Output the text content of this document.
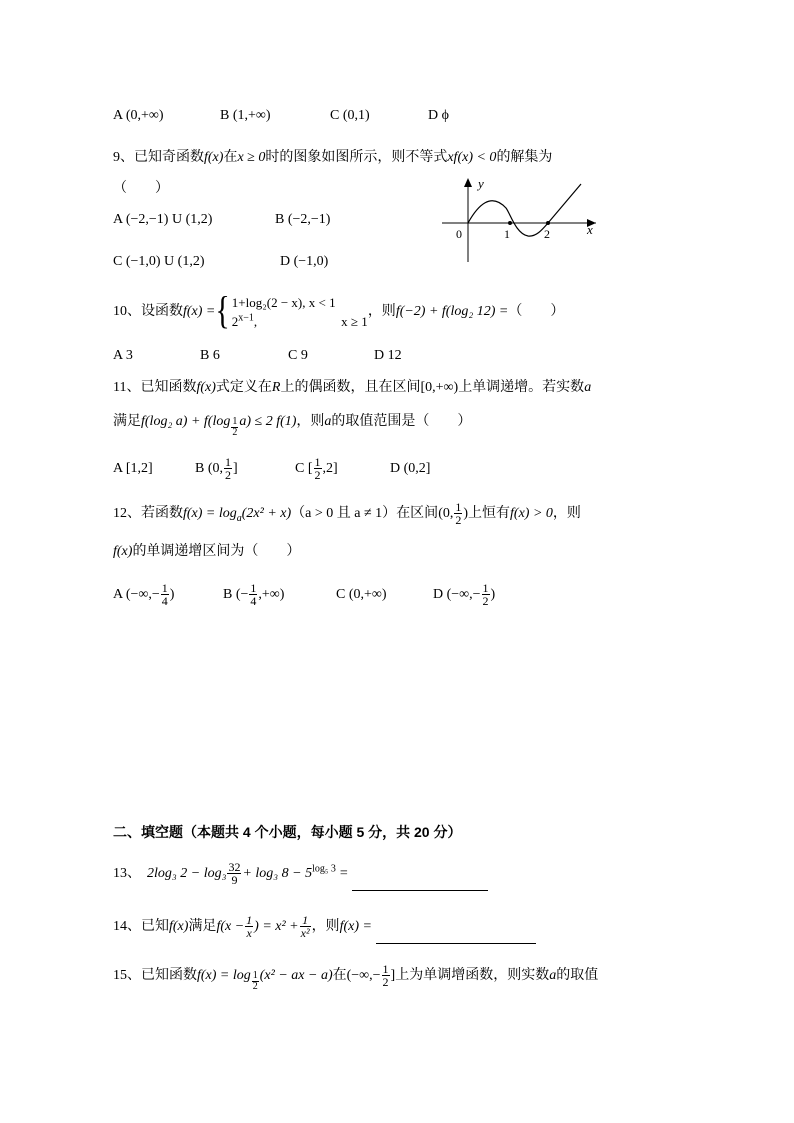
A (0,+∞)	B (1,+∞)	C (0,1)	D ϕ
9、已知奇函数f(x)在x ≥ 0时的图象如图所示，则不等式xf(x) < 0的解集为
（　　）
A (−2,−1) U (1,2)	B (−2,−1)
C (−1,0) U (1,2)	D (−1,0)
y
x
0	1	2
10、设函数f(x) ={ 1+log₂(2 − x), x < 1
$2^{x-1}$,	x ≥ 1
，则f(−2) + f(log₂ 12) =（　　）
A 3	B 6	C 9	D 12
11、已知函数f(x)式定义在R上的偶函数，且在区间[0,+∞)上单调递增。若实数a
满足f(log₂ $a) + f(\log \frac{1}{2} a) \le 2$ f(1)，则a的取值范围是（　　）
A [1,2]	B (0, $\frac{1}{2}$ ]	C [ $\frac{1}{2} ,2$]	D (0,2]
12、若函数$f(x) = \log_a(2x^2 + x)(a > 0$ 且 a ≠ 1）在区间(0, $\frac{1}{2}$ )上恒有f(x) > 0，则
f(x)的单调递增区间为（　　）
A (−∞,− $\frac{1}{4}$ )	B (− $\frac{1}{4}$ ,+∞)	C (0,+∞)	D (−∞,− $\frac{1}{2}$ )
二、填空题（本题共 4 个小题，每小题 5 分，共 20 分）
13、 2log₃ $2 - \log_3 \frac{32}{9} + \log_3$ $8 - 5^{log_5 3}$ =
14、已知f(x)满足$f(x - \frac{1}{x}$ ) = $x^2 + \frac{1}{\text{x²}}$ ，则f(x) =
15、已知函数$f(x) = \log \frac{1}{2} (x^2$ − ax − a)在(−∞,− $\frac{1}{2}$ ]上为单调增函数，则实数a的取值
